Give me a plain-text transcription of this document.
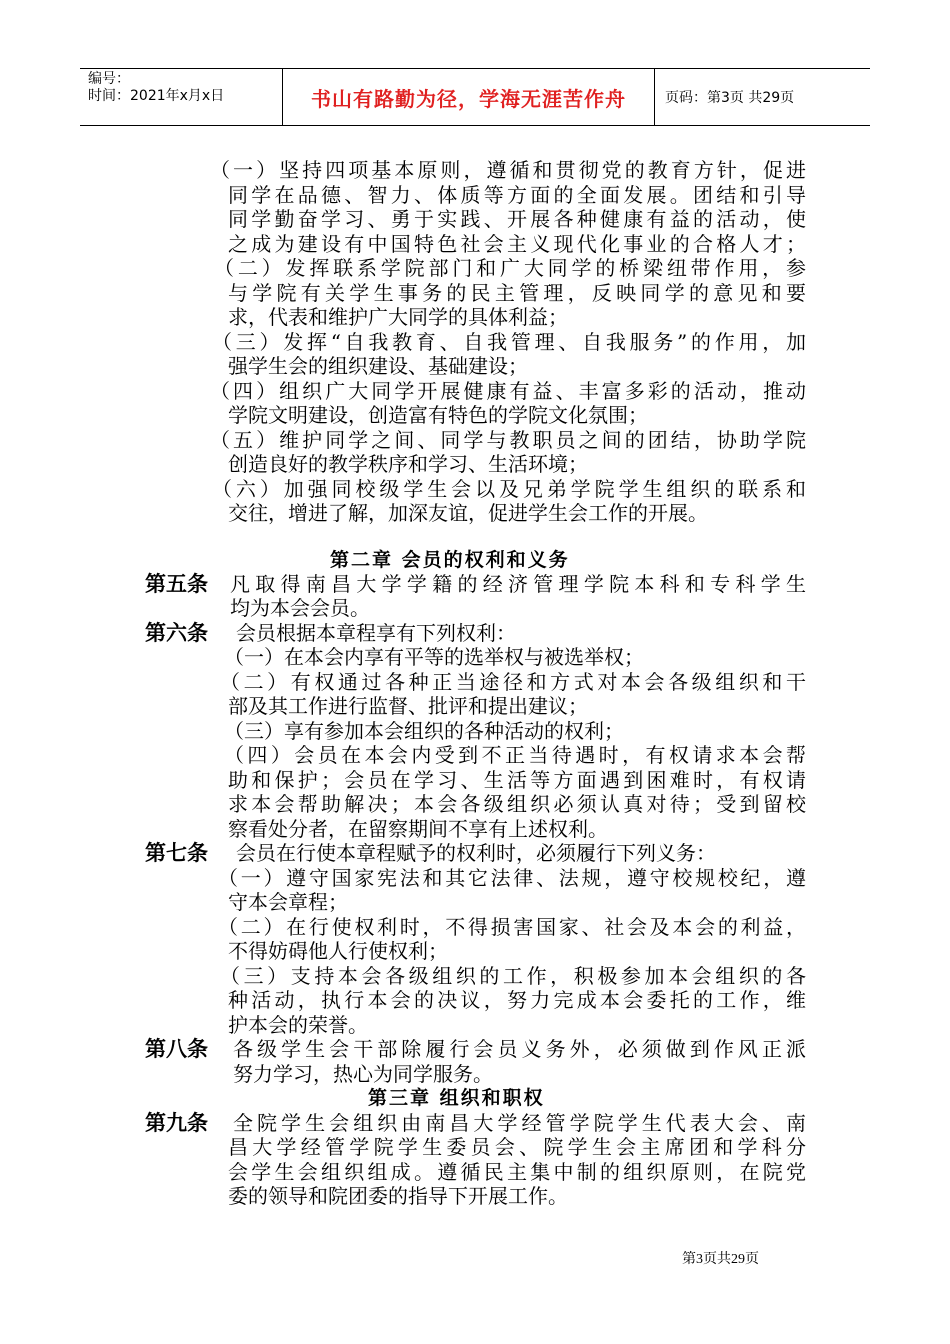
编号：
时间：2021年x月x日	书山有路勤为径，学海无涯苦作舟	页码：第3页 共29页
（一）坚持四项基本原则，遵循和贯彻党的教育方针，促进
同学在品德、智力、体质等方面的全面发展。团结和引导
同学勤奋学习、勇于实践、开展各种健康有益的活动，使
之成为建设有中国特色社会主义现代化事业的合格人才；
（二）发挥联系学院部门和广大同学的桥梁纽带作用，参
与学院有关学生事务的民主管理，反映同学的意见和要
求，代表和维护广大同学的具体利益；
（三）发挥“自我教育、自我管理、自我服务”的作用，加
强学生会的组织建设、基础建设；
（四）组织广大同学开展健康有益、丰富多彩的活动，推动
学院文明建设，创造富有特色的学院文化氛围；
（五）维护同学之间、同学与教职员之间的团结，协助学院
创造良好的教学秩序和学习、生活环境；
（六）加强同校级学生会以及兄弟学院学生组织的联系和
交往，增进了解，加深友谊，促进学生会工作的开展。
第二章 会员的权利和义务
第五条 凡取得南昌大学学籍的经济管理学院本科和专科学生
均为本会会员。
第六条 会员根据本章程享有下列权利：
（一）在本会内享有平等的选举权与被选举权；
（二）有权通过各种正当途径和方式对本会各级组织和干
部及其工作进行监督、批评和提出建议；
（三）享有参加本会组织的各种活动的权利；
（四）会员在本会内受到不正当待遇时，有权请求本会帮
助和保护；会员在学习、生活等方面遇到困难时，有权请
求本会帮助解决；本会各级组织必须认真对待；受到留校
察看处分者，在留察期间不享有上述权利。
第七条 会员在行使本章程赋予的权利时，必须履行下列义务：
（一）遵守国家宪法和其它法律、法规，遵守校规校纪，遵
守本会章程；
（二）在行使权利时，不得损害国家、社会及本会的利益，
不得妨碍他人行使权利；
（三）支持本会各级组织的工作，积极参加本会组织的各
种活动，执行本会的决议，努力完成本会委托的工作，维
护本会的荣誉。
第八条 各级学生会干部除履行会员义务外，必须做到作风正派
努力学习，热心为同学服务。
第三章 组织和职权
第九条 全院学生会组织由南昌大学经管学院学生代表大会、南
昌大学经管学院学生委员会、院学生会主席团和学科分
会学生会组织组成。遵循民主集中制的组织原则，在院党
委的领导和院团委的指导下开展工作。
第3页共29页
